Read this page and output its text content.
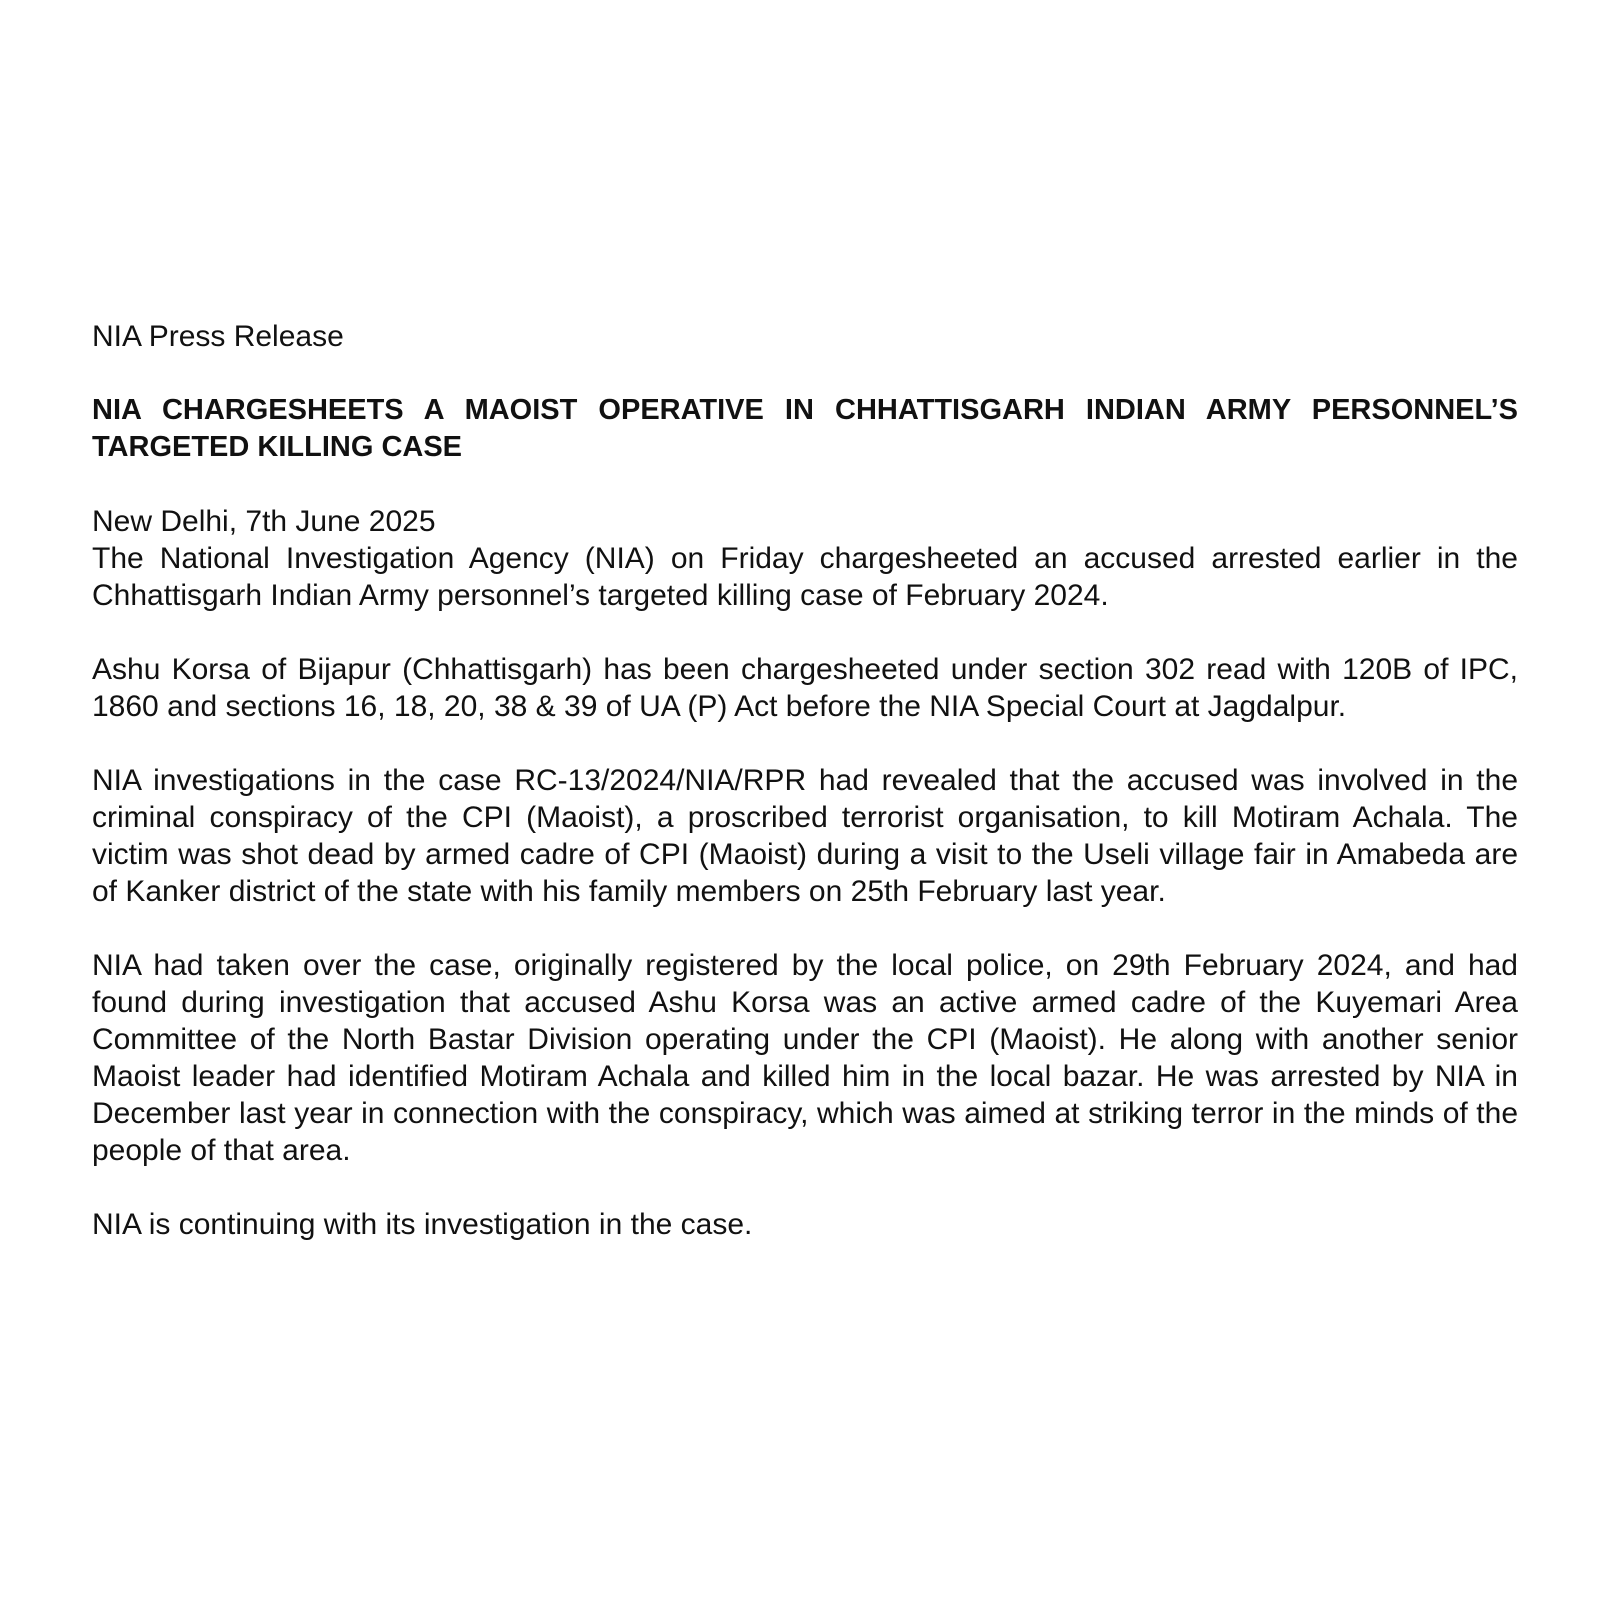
NIA Press Release

NIA CHARGESHEETS A MAOIST OPERATIVE IN CHHATTISGARH INDIAN ARMY PERSONNEL’S TARGETED KILLING CASE

New Delhi, 7th June 2025

The National Investigation Agency (NIA) on Friday chargesheeted an accused arrested earlier in the Chhattisgarh Indian Army personnel’s targeted killing case of February 2024.

Ashu Korsa of Bijapur (Chhattisgarh) has been chargesheeted under section 302 read with 120B of IPC, 1860 and sections 16, 18, 20, 38 & 39 of UA (P) Act before the NIA Special Court at Jagdalpur.

NIA investigations in the case RC-13/2024/NIA/RPR had revealed that the accused was involved in the criminal conspiracy of the CPI (Maoist), a proscribed terrorist organisation, to kill Motiram Achala. The victim was shot dead by armed cadre of CPI (Maoist) during a visit to the Useli village fair in Amabeda are of Kanker district of the state with his family members on 25th February last year.

NIA had taken over the case, originally registered by the local police, on 29th February 2024, and had found during investigation that accused Ashu Korsa was an active armed cadre of the Kuyemari Area Committee of the North Bastar Division operating under the CPI (Maoist). He along with another senior Maoist leader had identified Motiram Achala and killed him in the local bazar. He was arrested by NIA in December last year in connection with the conspiracy, which was aimed at striking terror in the minds of the people of that area.

NIA is continuing with its investigation in the case.
